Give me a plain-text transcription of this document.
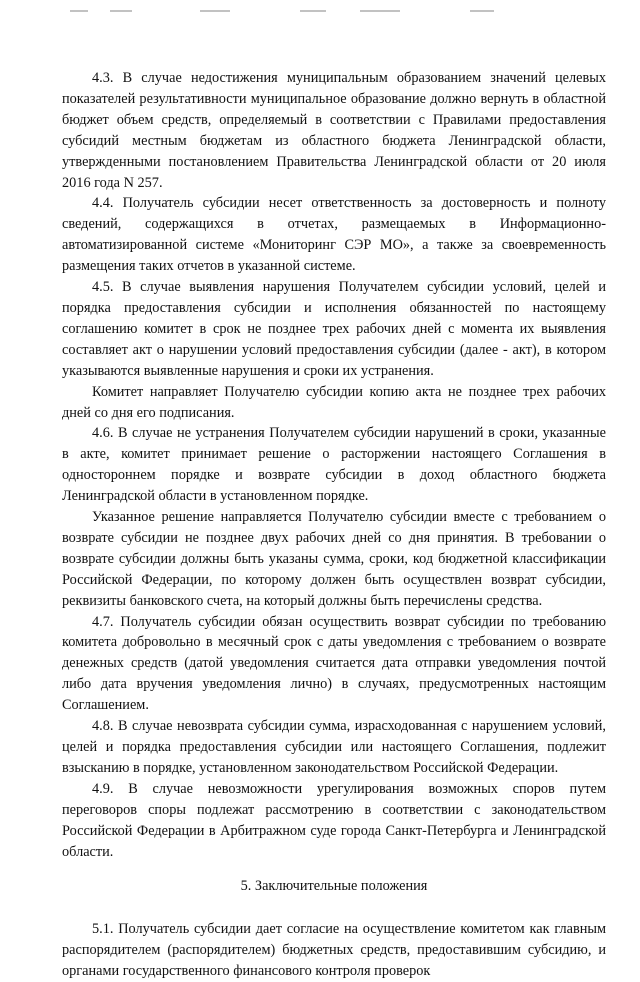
4.3. В случае недостижения муниципальным образованием значений целевых показателей результативности муниципальное образование должно вернуть в областной бюджет объем средств, определяемый в соответствии с Правилами предоставления субсидий местным бюджетам из областного бюджета Ленинградской области, утвержденными постановлением Правительства Ленинградской области от 20 июля 2016 года N 257.

4.4. Получатель субсидии несет ответственность за достоверность и полноту сведений, содержащихся в отчетах, размещаемых в Информационно-автоматизированной системе «Мониторинг СЭР МО», а также за своевременность размещения таких отчетов в указанной системе.

4.5. В случае выявления нарушения Получателем субсидии условий, целей и порядка предоставления субсидии и исполнения обязанностей по настоящему соглашению комитет в срок не позднее трех рабочих дней с момента их выявления составляет акт о нарушении условий предоставления субсидии (далее - акт), в котором указываются выявленные нарушения и сроки их устранения.

Комитет направляет Получателю субсидии копию акта не позднее трех рабочих дней со дня его подписания.

4.6. В случае не устранения Получателем субсидии нарушений в сроки, указанные в акте, комитет принимает решение о расторжении настоящего Соглашения в одностороннем порядке и возврате субсидии в доход областного бюджета Ленинградской области в установленном порядке.

Указанное решение направляется Получателю субсидии вместе с требованием о возврате субсидии не позднее двух рабочих дней со дня принятия. В требовании о возврате субсидии должны быть указаны сумма, сроки, код бюджетной классификации Российской Федерации, по которому должен быть осуществлен возврат субсидии, реквизиты банковского счета, на который должны быть перечислены средства.

4.7. Получатель субсидии обязан осуществить возврат субсидии по требованию комитета добровольно в месячный срок с даты уведомления с требованием о возврате денежных средств (датой уведомления считается дата отправки уведомления почтой либо дата вручения уведомления лично) в случаях, предусмотренных настоящим Соглашением.

4.8. В случае невозврата субсидии сумма, израсходованная с нарушением условий, целей и порядка предоставления субсидии или настоящего Соглашения, подлежит взысканию в порядке, установленном законодательством Российской Федерации.

4.9. В случае невозможности урегулирования возможных споров путем переговоров споры подлежат рассмотрению в соответствии с законодательством Российской Федерации в Арбитражном суде города Санкт-Петербурга и Ленинградской области.

5. Заключительные положения

5.1. Получатель субсидии дает согласие на осуществление комитетом как главным распорядителем (распорядителем) бюджетных средств, предоставившим субсидию, и органами государственного финансового контроля проверок
